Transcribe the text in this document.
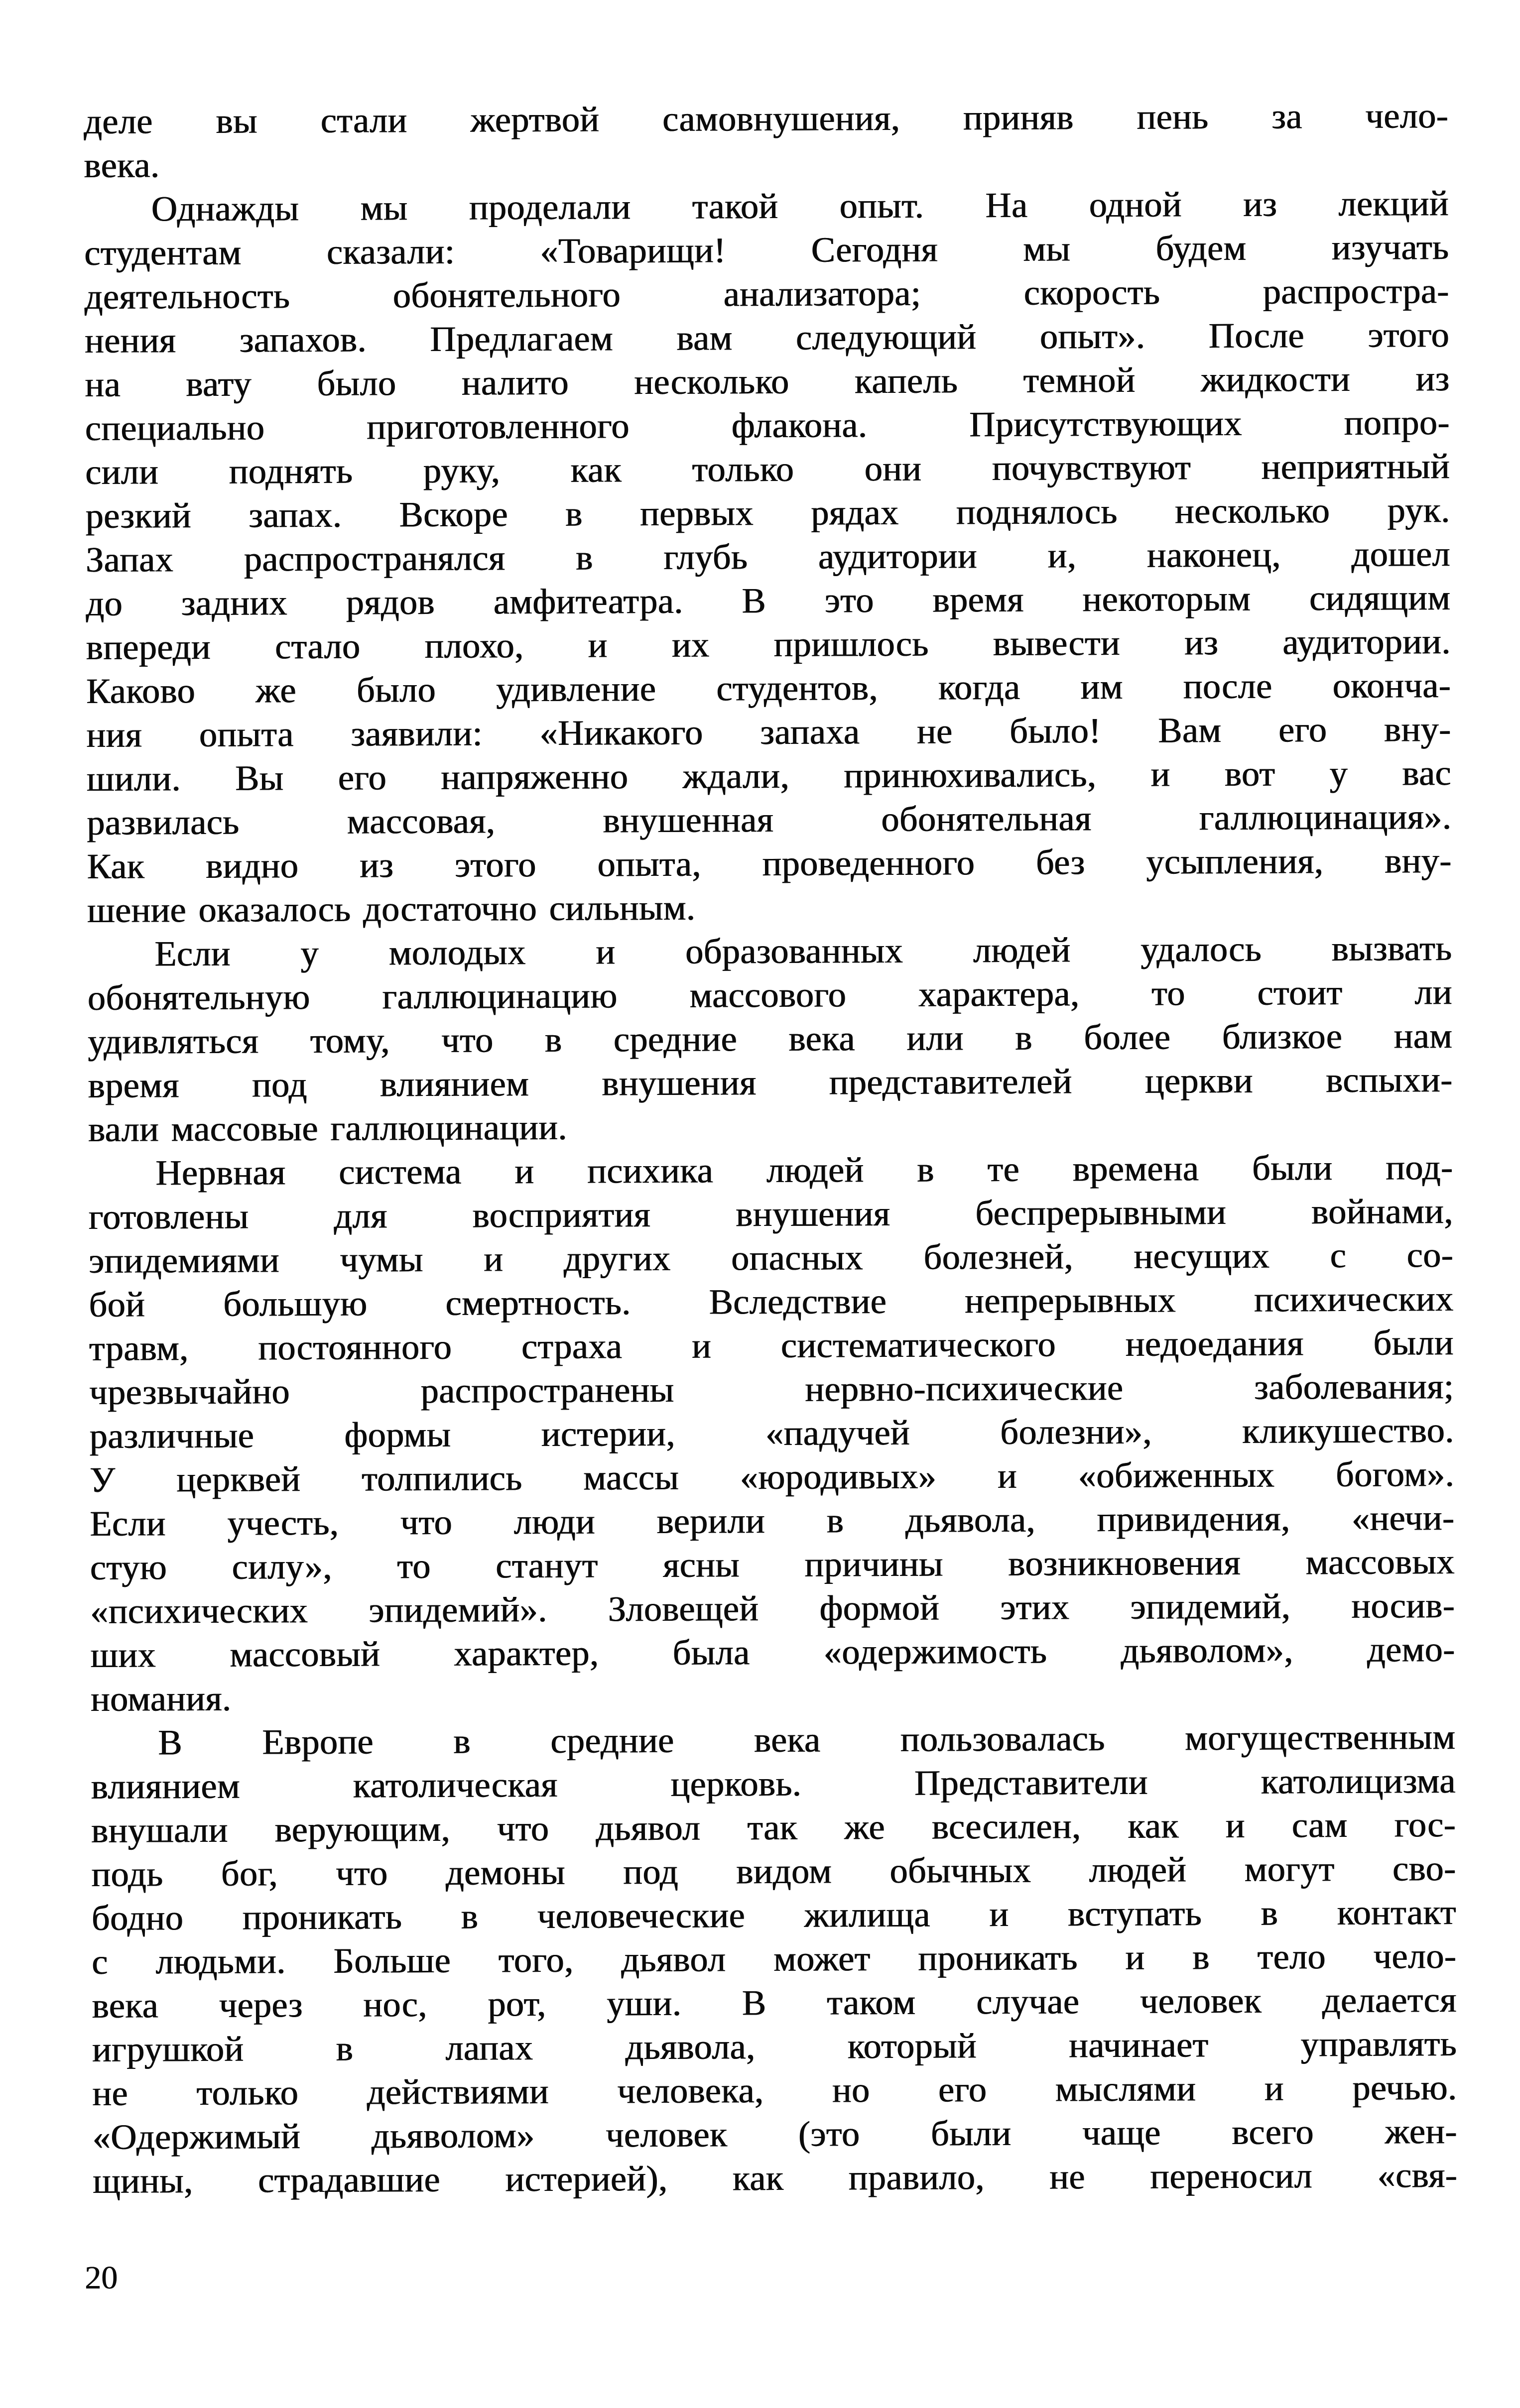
деле вы стали жертвой самовнушения, приняв пень за чело-
века.
Однажды мы проделали такой опыт. На одной из лекций
студентам сказали: «Товарищи! Сегодня мы будем изучать
деятельность обонятельного анализатора; скорость распростра-
нения запахов. Предлагаем вам следующий опыт». После этого
на вату было налито несколько капель темной жидкости из
специально приготовленного флакона. Присутствующих попро-
сили поднять руку, как только они почувствуют неприятный
резкий запах. Вскоре в первых рядах поднялось несколько рук.
Запах распространялся в глубь аудитории и, наконец, дошел
до задних рядов амфитеатра. В это время некоторым сидящим
впереди стало плохо, и их пришлось вывести из аудитории.
Каково же было удивление студентов, когда им после оконча-
ния опыта заявили: «Никакого запаха не было! Вам его вну-
шили. Вы его напряженно ждали, принюхивались, и вот у вас
развилась массовая, внушенная обонятельная галлюцинация».
Как видно из этого опыта, проведенного без усыпления, вну-
шение оказалось достаточно сильным.
Если у молодых и образованных людей удалось вызвать
обонятельную галлюцинацию массового характера, то стоит ли
удивляться тому, что в средние века или в более близкое нам
время под влиянием внушения представителей церкви вспыхи-
вали массовые галлюцинации.
Нервная система и психика людей в те времена были под-
готовлены для восприятия внушения беспрерывными войнами,
эпидемиями чумы и других опасных болезней, несущих с со-
бой большую смертность. Вследствие непрерывных психических
травм, постоянного страха и систематического недоедания были
чрезвычайно распространены нервно-психические заболевания;
различные формы истерии, «падучей болезни», кликушество.
У церквей толпились массы «юродивых» и «обиженных богом».
Если учесть, что люди верили в дьявола, привидения, «нечи-
стую силу», то станут ясны причины возникновения массовых
«психических эпидемий». Зловещей формой этих эпидемий, носив-
ших массовый характер, была «одержимость дьяволом», демо-
номания.
В Европе в средние века пользовалась могущественным
влиянием католическая церковь. Представители католицизма
внушали верующим, что дьявол так же всесилен, как и сам гос-
подь бог, что демоны под видом обычных людей могут сво-
бодно проникать в человеческие жилища и вступать в контакт
с людьми. Больше того, дьявол может проникать и в тело чело-
века через нос, рот, уши. В таком случае человек делается
игрушкой в лапах дьявола, который начинает управлять
не только действиями человека, но его мыслями и речью.
«Одержимый дьяволом» человек (это были чаще всего жен-
щины, страдавшие истерией), как правило, не переносил «свя-
20
